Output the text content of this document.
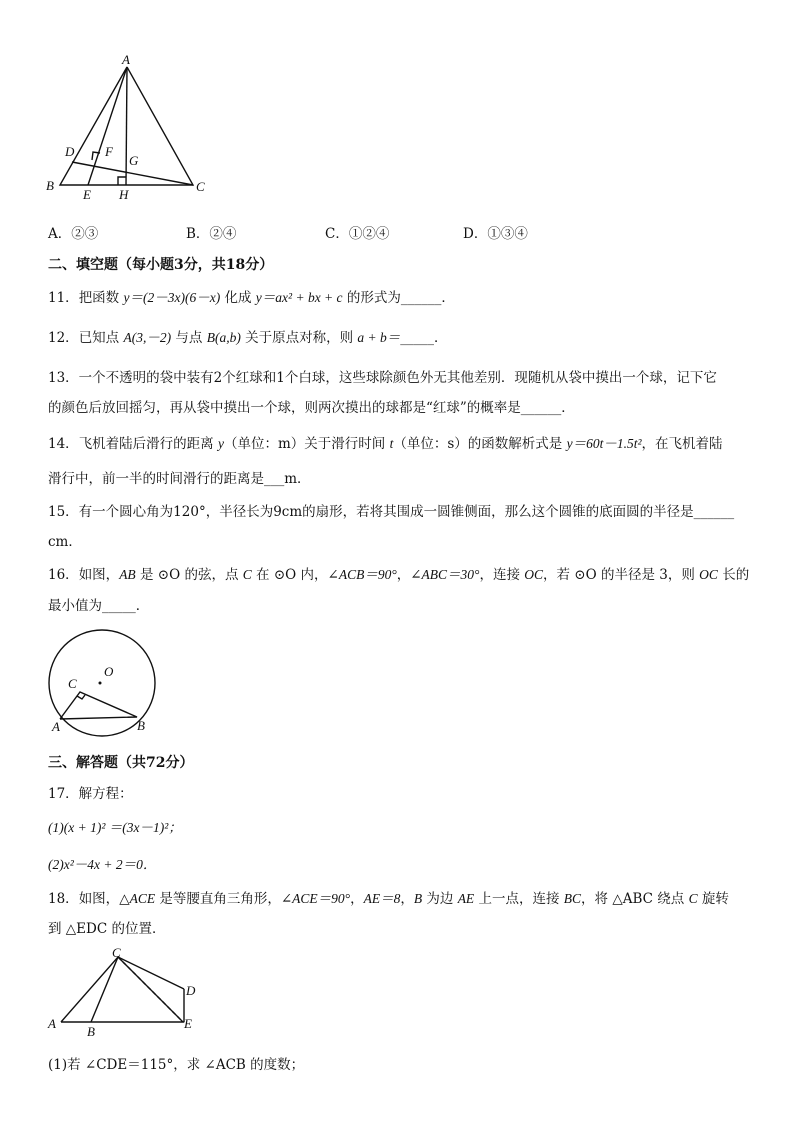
A
B	C
D
E
F
G
H
A．②③	B．②④	C．①②④	D．①③④
二、填空题（每小题3分，共18分）
11．把函数 y＝(2－3x)(6－x) 化成 y＝ax² + bx + c 的形式为______．
12．已知点 A(3,－2) 与点 B(a,b) 关于原点对称，则 a + b＝_____．
13．一个不透明的袋中装有2个红球和1个白球，这些球除颜色外无其他差别．现随机从袋中摸出一个球，记下它
的颜色后放回摇匀，再从袋中摸出一个球，则两次摸出的球都是“红球”的概率是______．
14．飞机着陆后滑行的距离 y（单位：m）关于滑行时间 t（单位：s）的函数解析式是 y＝60t－1.5t²，在飞机着陆
滑行中，前一半的时间滑行的距离是___m．
15．有一个圆心角为120°，半径长为9cm的扇形，若将其围成一圆锥侧面，那么这个圆锥的底面圆的半径是______
cm．
16．如图，AB 是 ⊙O 的弦，点 C 在 ⊙O 内，∠ACB＝90°，∠ABC＝30°，连接 OC，若 ⊙O 的半径是 3，则 OC 长的
最小值为_____．
O
C
A	B
三、解答题（共72分）
17．解方程：
(1)(x + 1)² ＝(3x－1)²；
(2)x²－4x + 2＝0．
18．如图，△ACE 是等腰直角三角形，∠ACE＝90°，AE＝8，B 为边 AE 上一点，连接 BC，将 △ABC 绕点 C 旋转
到 △EDC 的位置．
C
D
A
B
E
(1)若 ∠CDE＝115°，求 ∠ACB 的度数；
